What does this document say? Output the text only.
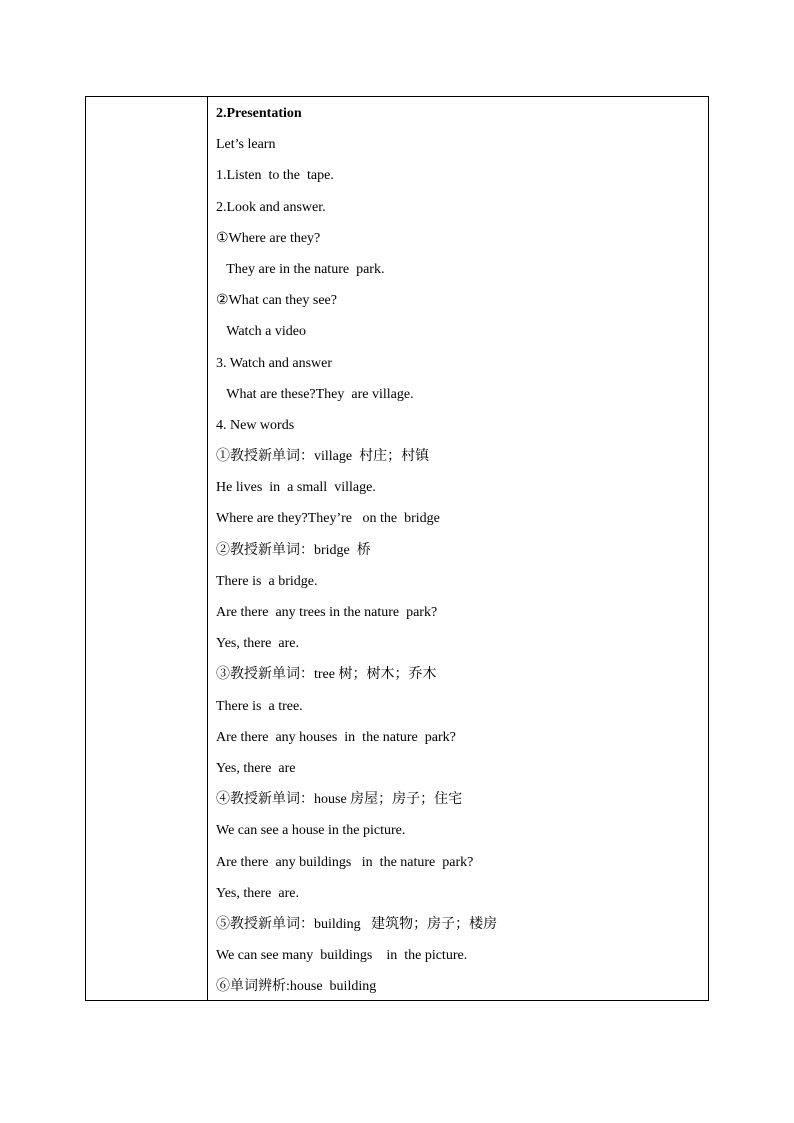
2.Presentation
Let’s learn
1.Listen  to the  tape.
2.Look and answer.
①Where are they?
They are in the nature  park.
②What can they see?
Watch a video
3. Watch and answer
What are these?They  are village.
4. New words
①教授新单词：village  村庄；村镇
He lives  in  a small  village.
Where are they?They’re   on the  bridge
②教授新单词：bridge  桥
There is  a bridge.
Are there  any trees in the nature  park?
Yes, there  are.
③教授新单词：tree 树；树木；乔木
There is  a tree.
Are there  any houses  in  the nature  park?
Yes, there  are
④教授新单词：house 房屋；房子；住宅
We can see a house in the picture.
Are there  any buildings   in  the nature  park?
Yes, there  are.
⑤教授新单词：building   建筑物；房子；楼房
We can see many  buildings    in  the picture.
⑥单词辨析:house  building
